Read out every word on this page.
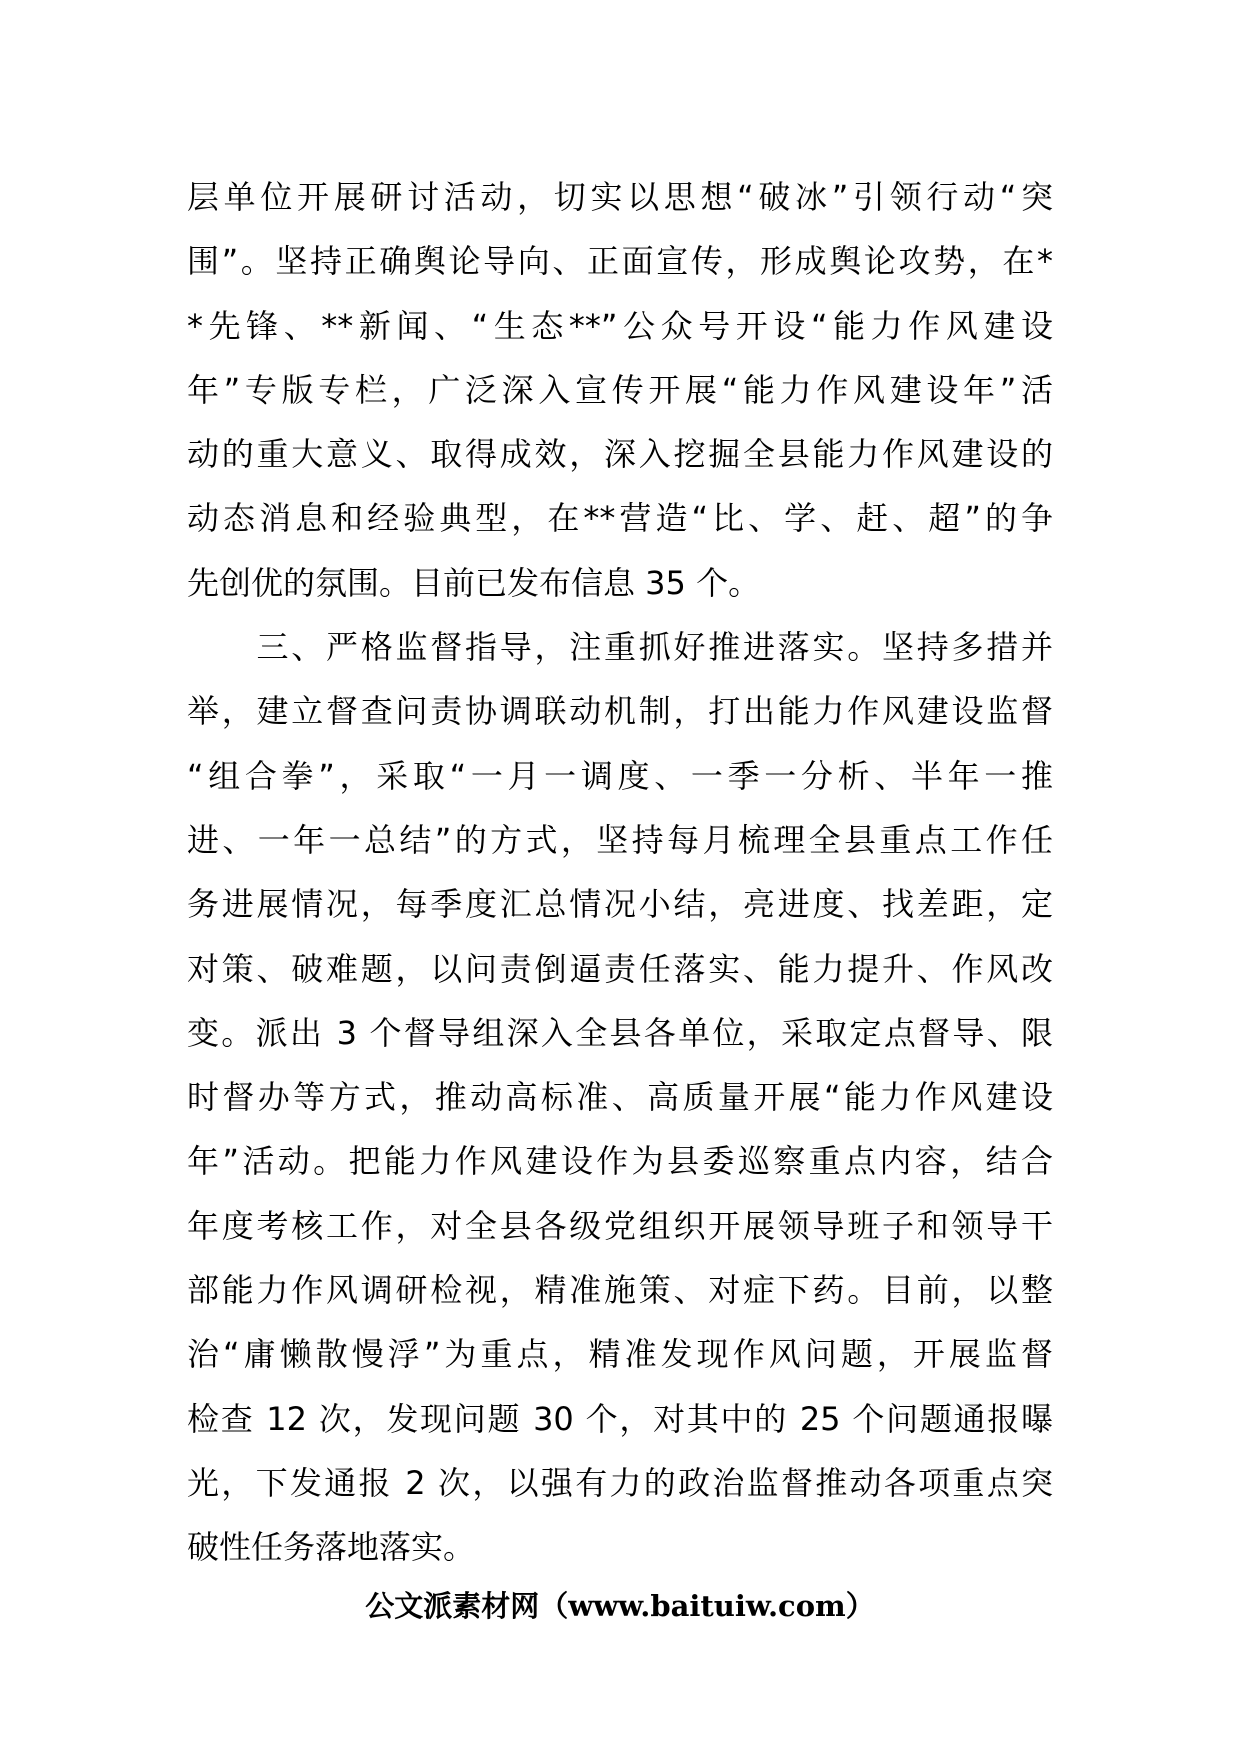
层单位开展研讨活动，切实以思想“破冰”引领行动“突
围”。坚持正确舆论导向、正面宣传，形成舆论攻势，在*
*先锋、**新闻、“生态**”公众号开设“能力作风建设
年”专版专栏，广泛深入宣传开展“能力作风建设年”活
动的重大意义、取得成效，深入挖掘全县能力作风建设的
动态消息和经验典型，在**营造“比、学、赶、超”的争
先创优的氛围。目前已发布信息 35 个。
　　三、严格监督指导，注重抓好推进落实。坚持多措并
举，建立督查问责协调联动机制，打出能力作风建设监督
“组合拳”，采取“一月一调度、一季一分析、半年一推
进、一年一总结”的方式，坚持每月梳理全县重点工作任
务进展情况，每季度汇总情况小结，亮进度、找差距，定
对策、破难题，以问责倒逼责任落实、能力提升、作风改
变。派出 3 个督导组深入全县各单位，采取定点督导、限
时督办等方式，推动高标准、高质量开展“能力作风建设
年”活动。把能力作风建设作为县委巡察重点内容，结合
年度考核工作，对全县各级党组织开展领导班子和领导干
部能力作风调研检视，精准施策、对症下药。目前，以整
治“庸懒散慢浮”为重点，精准发现作风问题，开展监督
检查 12 次，发现问题 30 个，对其中的 25 个问题通报曝
光，下发通报 2 次，以强有力的政治监督推动各项重点突
破性任务落地落实。
公文派素材网（www.baituiw.com）
